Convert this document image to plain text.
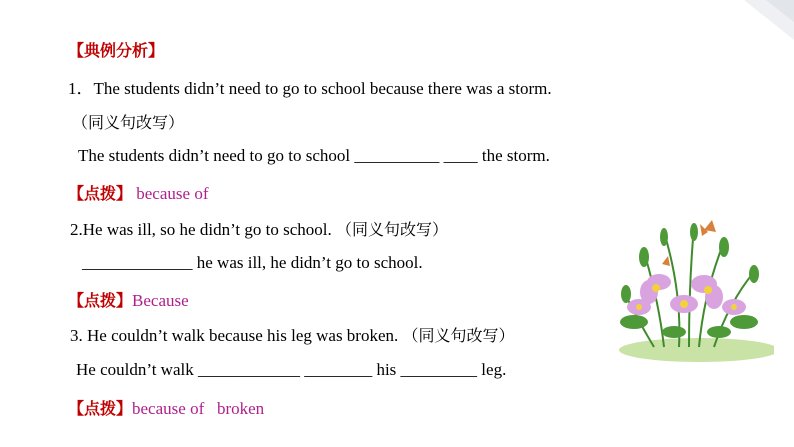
【典例分析】
1．The students didn’t need to go to school because there was a storm.
（同义句改写）
The students didn’t need to go to school __________ ____ the storm.
【点拨】 because of
2.He was ill, so he didn’t go to school. （同义句改写）
_____________ he was ill, he didn’t go to school.
【点拨】Because
3. He couldn’t walk because his leg was broken. （同义句改写）
He couldn’t walk ____________ ________ his _________ leg.
【点拨】because of   broken
